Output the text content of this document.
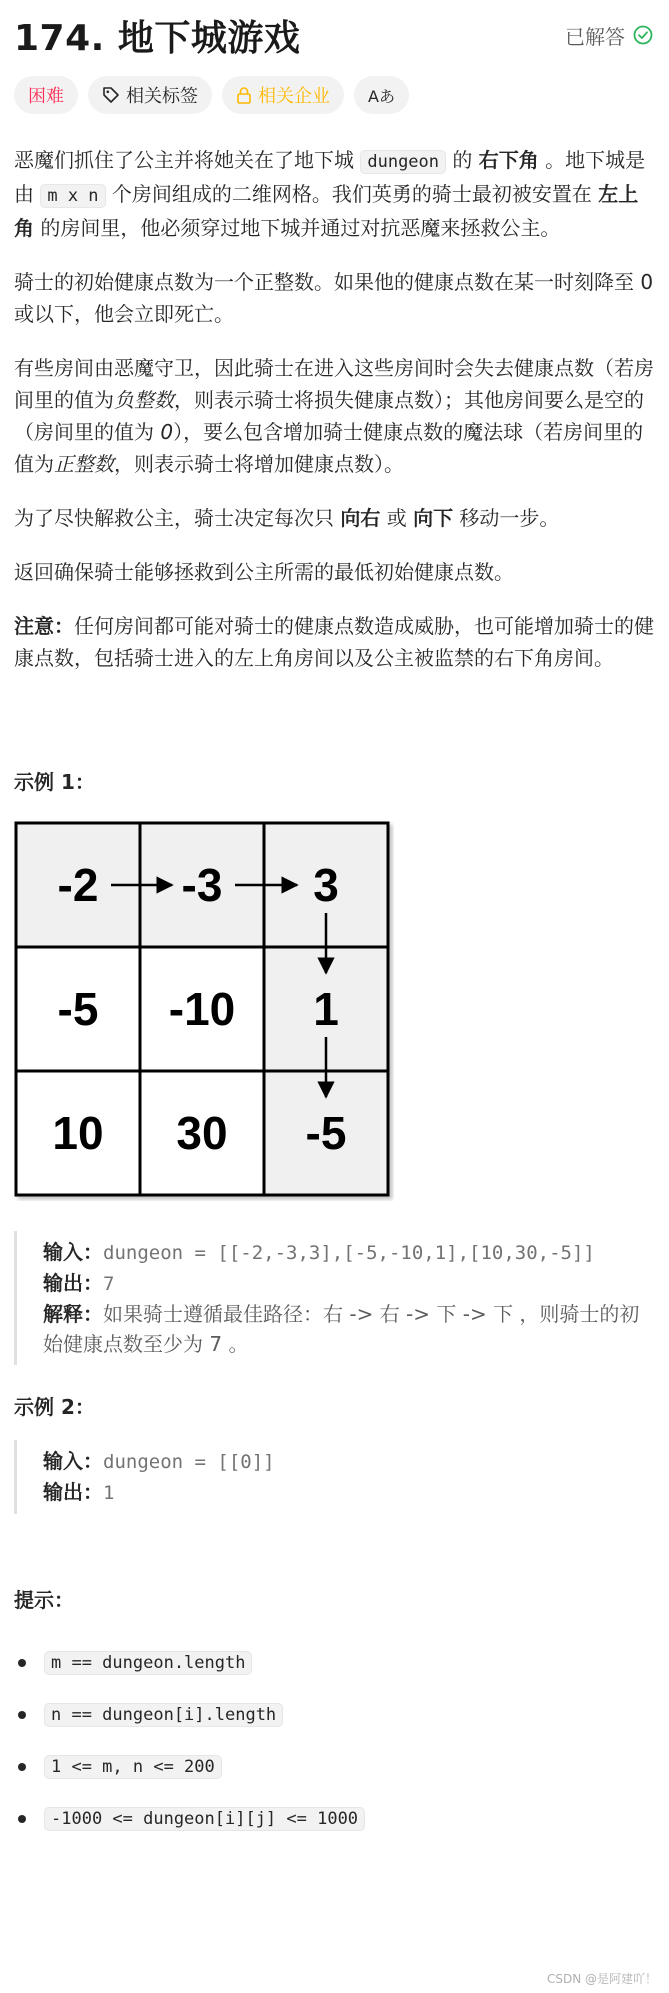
174. 地下城游戏	已解答
困难	相关标签	相关企业 Aあ

恶魔们抓住了公主并将她关在了地下城 dungeon 的 右下角 。地下城是由 m x n 个房间组成的二维网格。我们英勇的骑士最初被安置在 左上角 的房间里，他必须穿过地下城并通过对抗恶魔来拯救公主。

骑士的初始健康点数为一个正整数。如果他的健康点数在某一时刻降至 0 或以下，他会立即死亡。

有些房间由恶魔守卫，因此骑士在进入这些房间时会失去健康点数（若房间里的值为负整数，则表示骑士将损失健康点数）；其他房间要么是空的（房间里的值为 0），要么包含增加骑士健康点数的魔法球（若房间里的值为正整数，则表示骑士将增加健康点数）。

为了尽快解救公主，骑士决定每次只 向右 或 向下 移动一步。

返回确保骑士能够拯救到公主所需的最低初始健康点数。

注意：任何房间都可能对骑士的健康点数造成威胁，也可能增加骑士的健康点数，包括骑士进入的左上角房间以及公主被监禁的右下角房间。

示例 1：

-2 -3 3
-5 -10 1
10 30 -5
输入：dungeon = [[-2,-3,3],[-5,-10,1],[10,30,-5]]
输出：7
解释：如果骑士遵循最佳路径：右 -> 右 -> 下 -> 下 ，则骑士的初始健康点数至少为 7 。

示例 2：

输入：dungeon = [[0]]
输出：1

提示：

m == dungeon.length
n == dungeon[i].length
1 <= m, n <= 200
-1000 <= dungeon[i][j] <= 1000
CSDN @是阿建吖！
